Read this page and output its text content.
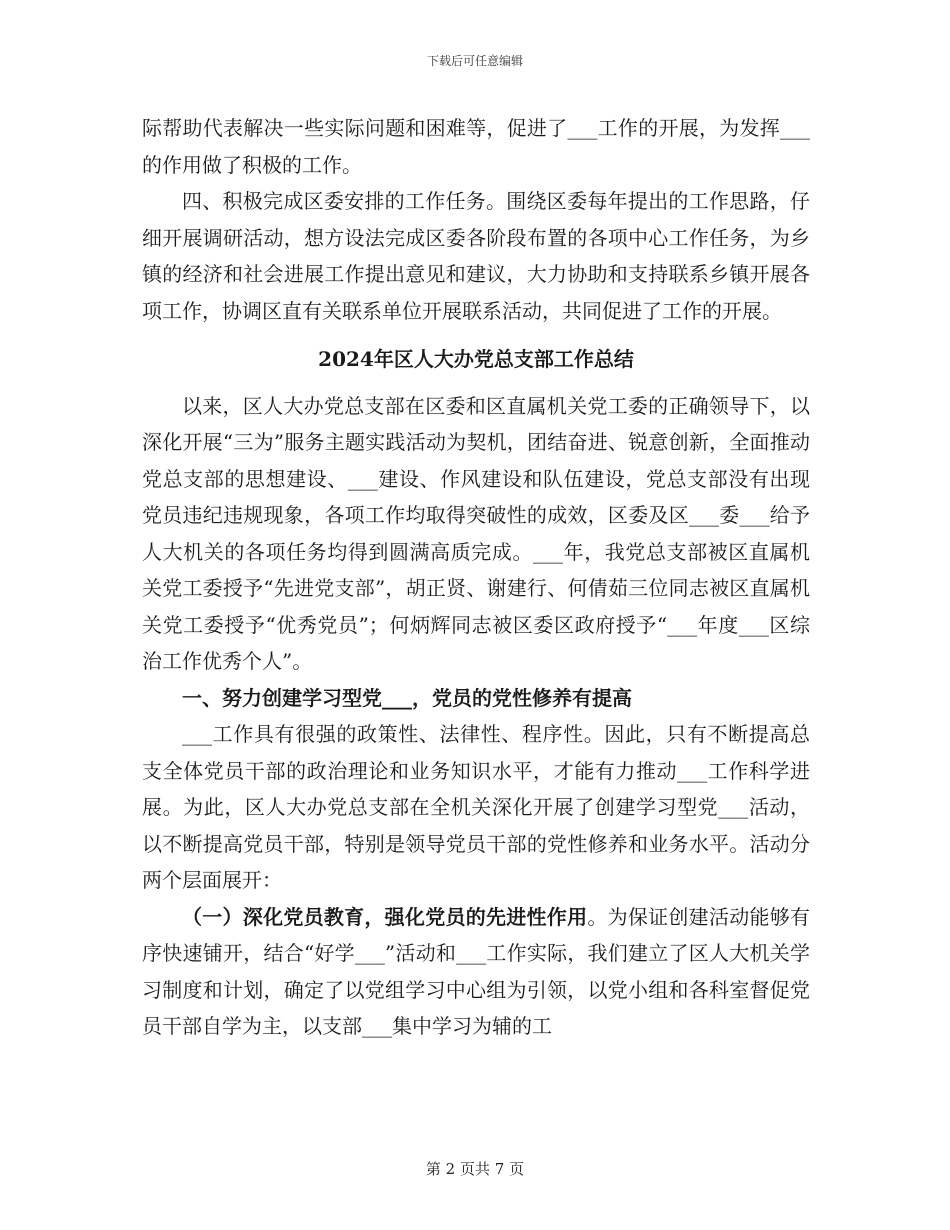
下载后可任意编辑

际帮助代表解决一些实际问题和困难等，促进了___工作的开展，为发挥___的作用做了积极的工作。

四、积极完成区委安排的工作任务。围绕区委每年提出的工作思路，仔细开展调研活动，想方设法完成区委各阶段布置的各项中心工作任务，为乡镇的经济和社会进展工作提出意见和建议，大力协助和支持联系乡镇开展各项工作，协调区直有关联系单位开展联系活动，共同促进了工作的开展。

2024年区人大办党总支部工作总结

以来，区人大办党总支部在区委和区直属机关党工委的正确领导下，以深化开展“三为”服务主题实践活动为契机，团结奋进、锐意创新，全面推动党总支部的思想建设、___建设、作风建设和队伍建设，党总支部没有出现党员违纪违规现象，各项工作均取得突破性的成效，区委及区___委___给予人大机关的各项任务均得到圆满高质完成。___年，我党总支部被区直属机关党工委授予“先进党支部”，胡正贤、谢建行、何倩茹三位同志被区直属机关党工委授予“优秀党员”；何炳辉同志被区委区政府授予“___年度___区综治工作优秀个人”。

一、努力创建学习型党___，党员的党性修养有提高

___工作具有很强的政策性、法律性、程序性。因此，只有不断提高总支全体党员干部的政治理论和业务知识水平，才能有力推动___工作科学进展。为此，区人大办党总支部在全机关深化开展了创建学习型党___活动，以不断提高党员干部，特别是领导党员干部的党性修养和业务水平。活动分两个层面展开：

（一）深化党员教育，强化党员的先进性作用。为保证创建活动能够有序快速铺开，结合“好学___”活动和___工作实际，我们建立了区人大机关学习制度和计划，确定了以党组学习中心组为引领，以党小组和各科室督促党员干部自学为主，以支部___集中学习为辅的工

第 2 页共 7 页
